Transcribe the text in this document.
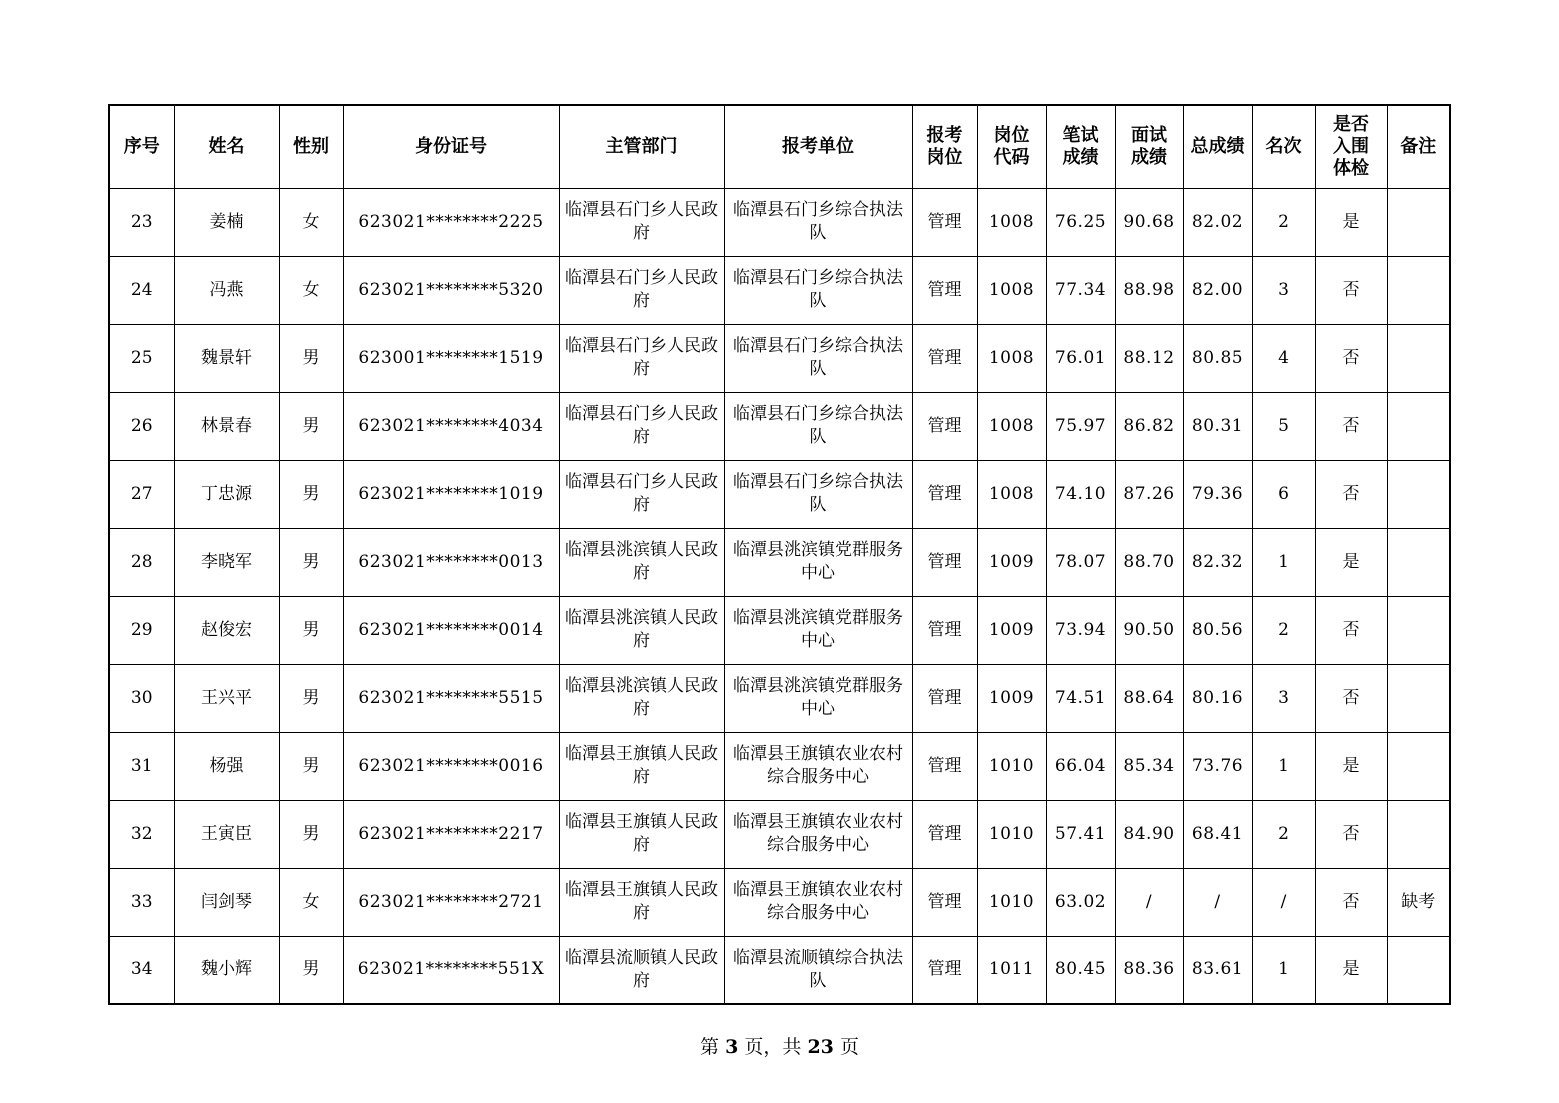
序号	姓名	性别	身份证号	主管部门	报考单位	报考岗位	岗位代码	笔试成绩	面试成绩	总成绩	名次	是否入围体检	备注
23	姜楠	女	623021********2225	临潭县石门乡人民政府	临潭县石门乡综合执法队	管理	1008	76.25	90.68	82.02	2	是	
24	冯燕	女	623021********5320	临潭县石门乡人民政府	临潭县石门乡综合执法队	管理	1008	77.34	88.98	82.00	3	否	
25	魏景轩	男	623001********1519	临潭县石门乡人民政府	临潭县石门乡综合执法队	管理	1008	76.01	88.12	80.85	4	否	
26	林景春	男	623021********4034	临潭县石门乡人民政府	临潭县石门乡综合执法队	管理	1008	75.97	86.82	80.31	5	否	
27	丁忠源	男	623021********1019	临潭县石门乡人民政府	临潭县石门乡综合执法队	管理	1008	74.10	87.26	79.36	6	否	
28	李晓军	男	623021********0013	临潭县洮滨镇人民政府	临潭县洮滨镇党群服务中心	管理	1009	78.07	88.70	82.32	1	是	
29	赵俊宏	男	623021********0014	临潭县洮滨镇人民政府	临潭县洮滨镇党群服务中心	管理	1009	73.94	90.50	80.56	2	否	
30	王兴平	男	623021********5515	临潭县洮滨镇人民政府	临潭县洮滨镇党群服务中心	管理	1009	74.51	88.64	80.16	3	否	
31	杨强	男	623021********0016	临潭县王旗镇人民政府	临潭县王旗镇农业农村综合服务中心	管理	1010	66.04	85.34	73.76	1	是	
32	王寅臣	男	623021********2217	临潭县王旗镇人民政府	临潭县王旗镇农业农村综合服务中心	管理	1010	57.41	84.90	68.41	2	否	
33	闫剑琴	女	623021********2721	临潭县王旗镇人民政府	临潭县王旗镇农业农村综合服务中心	管理	1010	63.02	/	/	/	否	缺考
34	魏小辉	男	623021********551X	临潭县流顺镇人民政府	临潭县流顺镇综合执法队	管理	1011	80.45	88.36	83.61	1	是	
第 3 页，共 23 页
